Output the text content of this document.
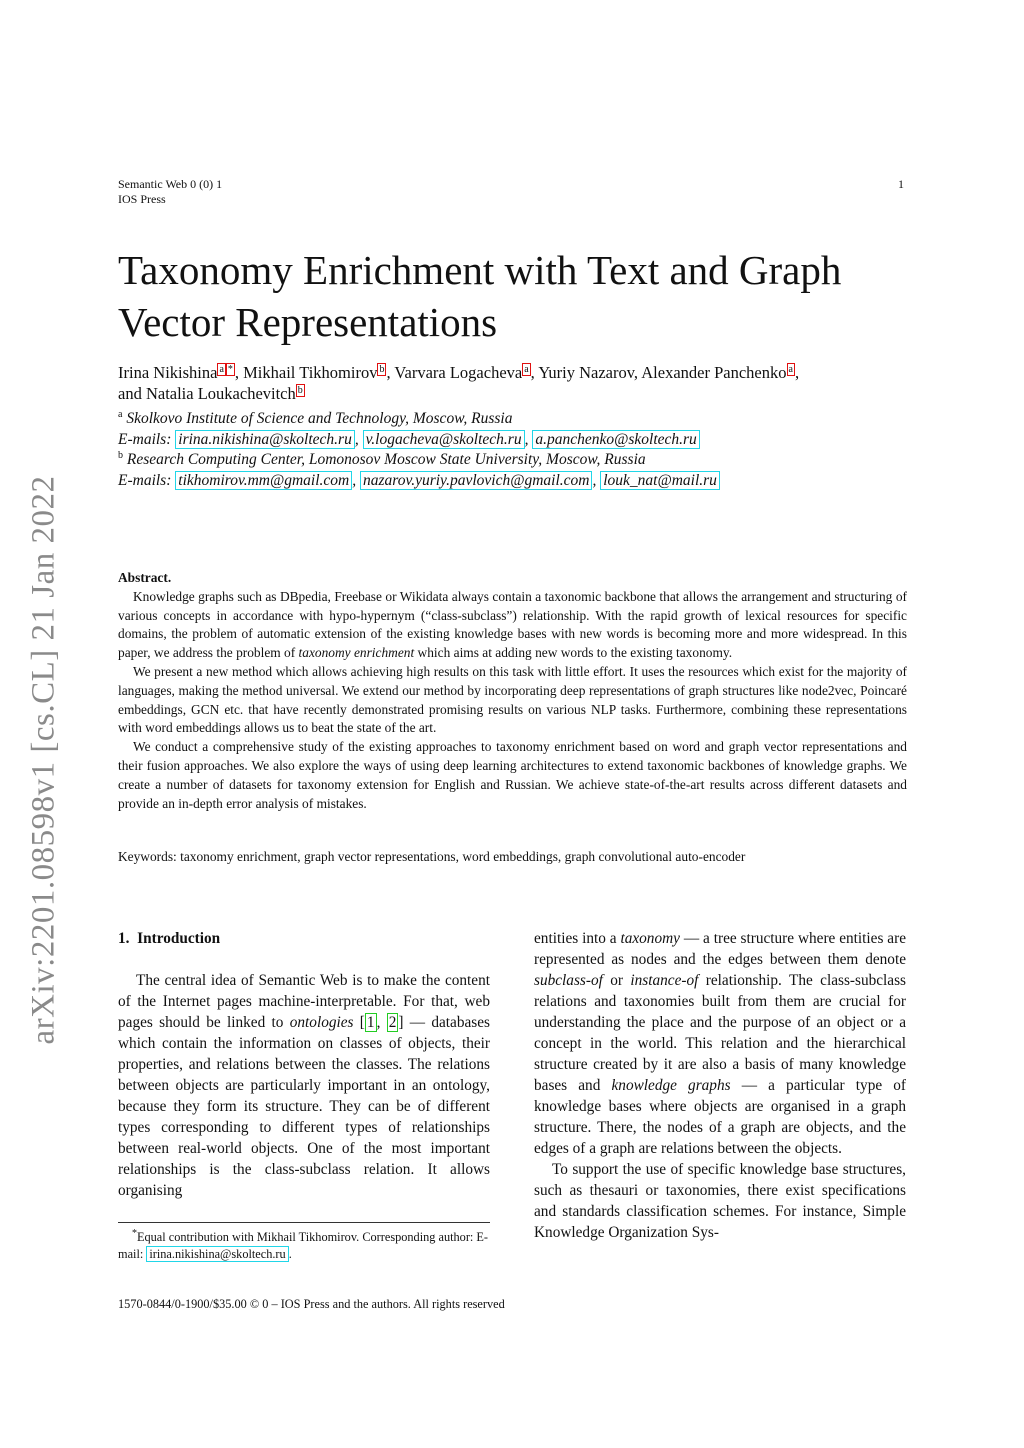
arXiv:2201.08598v1 [cs.CL] 21 Jan 2022
Semantic Web 0 (0) 1
IOS Press
1
Taxonomy Enrichment with Text and Graph
Vector Representations
Irina Nikishina $^{a *}$ , Mikhail Tikhomirov $^b$ , Varvara Logacheva $^a$ , Yuriy Nazarov, Alexander Panchenko $^a$ ,
and Natalia Loukachevitch $^b$
$^a$ Skolkovo Institute of Science and Technology, Moscow, Russia
E-mails: irina.nikishina@skoltech.ru , v.logacheva@skoltech.ru , a.panchenko@skoltech.ru
$^b$ Research Computing Center, Lomonosov Moscow State University, Moscow, Russia
E-mails: tikhomirov.mm@gmail.com , nazarov.yuriy.pavlovich@gmail.com , louk_nat@mail.ru

Abstract.

Knowledge graphs such as DBpedia, Freebase or Wikidata always contain a taxonomic backbone that allows the arrangement and structuring of various concepts in accordance with hypo-hypernym (“class-subclass”) relationship. With the rapid growth of lexical resources for specific domains, the problem of automatic extension of the existing knowledge bases with new words is becoming more and more widespread. In this paper, we address the problem of taxonomy enrichment which aims at adding new words to the existing taxonomy.

We present a new method which allows achieving high results on this task with little effort. It uses the resources which exist for the majority of languages, making the method universal. We extend our method by incorporating deep representations of graph structures like node2vec, Poincaré embeddings, GCN etc. that have recently demonstrated promising results on various NLP tasks. Furthermore, combining these representations with word embeddings allows us to beat the state of the art.

We conduct a comprehensive study of the existing approaches to taxonomy enrichment based on word and graph vector representations and their fusion approaches. We also explore the ways of using deep learning architectures to extend taxonomic backbones of knowledge graphs. We create a number of datasets for taxonomy extension for English and Russian. We achieve state-of-the-art results across different datasets and provide an in-depth error analysis of mistakes.

Keywords: taxonomy enrichment, graph vector representations, word embeddings, graph convolutional auto-encoder

1. Introduction

The central idea of Semantic Web is to make the content of the Internet pages machine-interpretable. For that, web pages should be linked to ontologies [ 1 , 2 ] — databases which contain the information on classes of objects, their properties, and relations between the classes. The relations between objects are particularly important in an ontology, because they form its structure. They can be of different types corresponding to different types of relationships between real-world objects. One of the most important relationships is the class-subclass relation. It allows organising

entities into a taxonomy — a tree structure where entities are represented as nodes and the edges between them denote subclass-of or instance-of relationship. The class-subclass relations and taxonomies built from them are crucial for understanding the place and the purpose of an object or a concept in the world. This relation and the hierarchical structure created by it are also a basis of many knowledge bases and knowledge graphs — a particular type of knowledge bases where objects are organised in a graph structure. There, the nodes of a graph are objects, and the edges of a graph are relations between the objects.

To support the use of specific knowledge base structures, such as thesauri or taxonomies, there exist specifications and standards classification schemes. For instance, Simple Knowledge Organization Sys-

*Equal contribution with Mikhail Tikhomirov. Corresponding author: E-mail: irina.nikishina@skoltech.ru .
1570-0844/0-1900/$35.00 © 0 – IOS Press and the authors. All rights reserved
